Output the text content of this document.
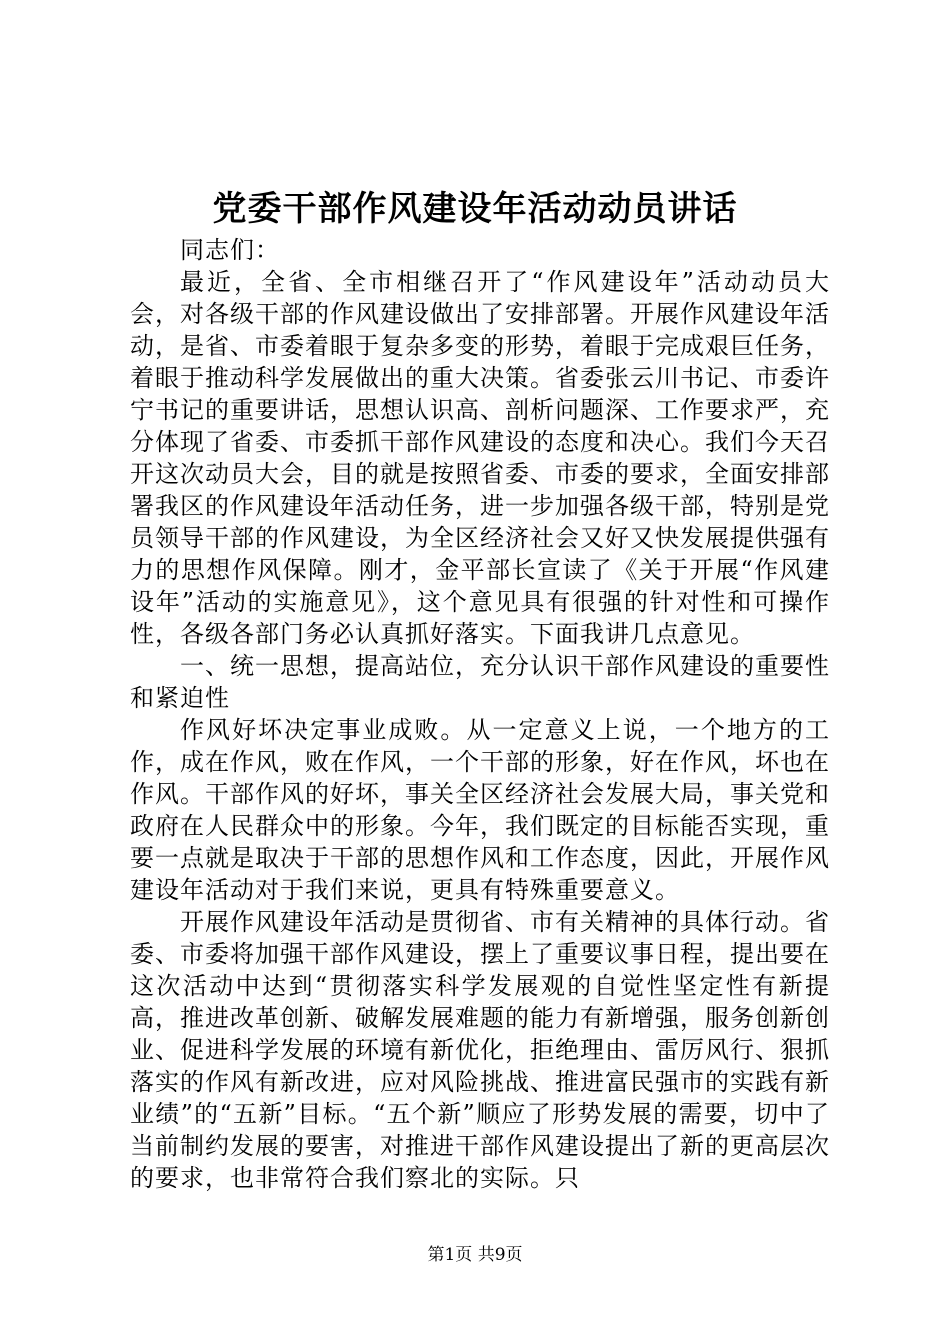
党委干部作风建设年活动动员讲话

同志们：

最近，全省、全市相继召开了“作风建设年”活动动员大会，对各级干部的作风建设做出了安排部署。开展作风建设年活动，是省、市委着眼于复杂多变的形势，着眼于完成艰巨任务，着眼于推动科学发展做出的重大决策。省委张云川书记、市委许宁书记的重要讲话，思想认识高、剖析问题深、工作要求严，充分体现了省委、市委抓干部作风建设的态度和决心。我们今天召开这次动员大会，目的就是按照省委、市委的要求，全面安排部署我区的作风建设年活动任务，进一步加强各级干部，特别是党员领导干部的作风建设，为全区经济社会又好又快发展提供强有力的思想作风保障。刚才，金平部长宣读了《关于开展“作风建设年”活动的实施意见》，这个意见具有很强的针对性和可操作性，各级各部门务必认真抓好落实。下面我讲几点意见。

一、统一思想，提高站位，充分认识干部作风建设的重要性和紧迫性

作风好坏决定事业成败。从一定意义上说，一个地方的工作，成在作风，败在作风，一个干部的形象，好在作风，坏也在作风。干部作风的好坏，事关全区经济社会发展大局，事关党和政府在人民群众中的形象。今年，我们既定的目标能否实现，重要一点就是取决于干部的思想作风和工作态度，因此，开展作风建设年活动对于我们来说，更具有特殊重要意义。

开展作风建设年活动是贯彻省、市有关精神的具体行动。省委、市委将加强干部作风建设，摆上了重要议事日程，提出要在这次活动中达到“贯彻落实科学发展观的自觉性坚定性有新提高，推进改革创新、破解发展难题的能力有新增强，服务创新创业、促进科学发展的环境有新优化，拒绝理由、雷厉风行、狠抓落实的作风有新改进，应对风险挑战、推进富民强市的实践有新业绩”的“五新”目标。“五个新”顺应了形势发展的需要，切中了当前制约发展的要害，对推进干部作风建设提出了新的更高层次的要求，也非常符合我们察北的实际。只

第1页 共9页
